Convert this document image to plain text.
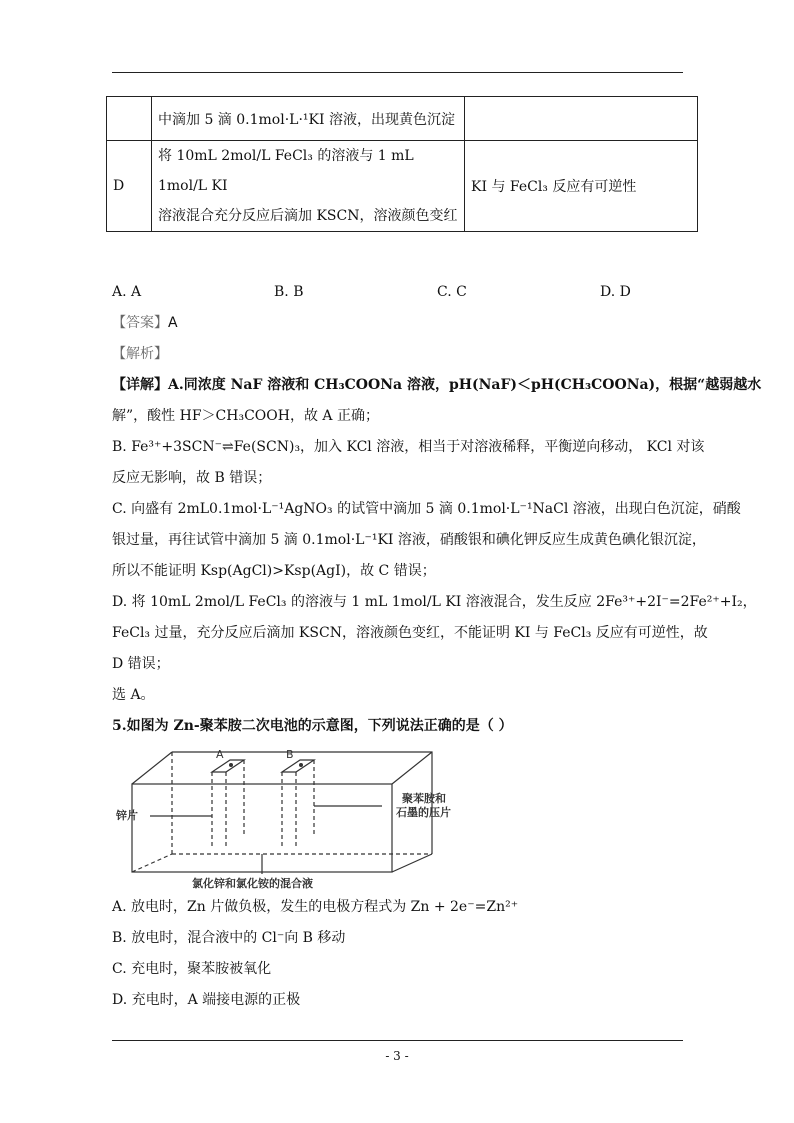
	中滴加 5 滴 0.1mol·L·¹KI 溶液，出现黄色沉淀	
D	将 10mL 2mol/L FeCl₃ 的溶液与 1 mL 1mol/L KI
溶液混合充分反应后滴加 KSCN，溶液颜色变红	KI 与 FeCl₃ 反应有可逆性
A. A	B. B	C. C	D. D
【答案】A
【解析】
【详解】A.同浓度 NaF 溶液和 CH₃COONa 溶液，pH(NaF)＜pH(CH₃COONa)，根据“越弱越水
解”，酸性 HF＞CH₃COOH，故 A 正确；
B. Fe³⁺+3SCN⁻⇌Fe(SCN)₃，加入 KCl 溶液，相当于对溶液稀释，平衡逆向移动， KCl 对该
反应无影响，故 B 错误；
C. 向盛有 2mL0.1mol·L⁻¹AgNO₃ 的试管中滴加 5 滴 0.1mol·L⁻¹NaCl 溶液，出现白色沉淀，硝酸
银过量，再往试管中滴加 5 滴 0.1mol·L⁻¹KI 溶液，硝酸银和碘化钾反应生成黄色碘化银沉淀，
所以不能证明 Ksp(AgCl)>Ksp(AgI)，故 C 错误；
D. 将 10mL 2mol/L FeCl₃ 的溶液与 1 mL 1mol/L KI 溶液混合，发生反应 2Fe³⁺+2I⁻=2Fe²⁺+I₂，
FeCl₃ 过量，充分反应后滴加 KSCN，溶液颜色变红，不能证明 KI 与 FeCl₃ 反应有可逆性，故
D 错误；
选 A。
5.如图为 Zn-聚苯胺二次电池的示意图，下列说法正确的是（ ）
A	B
锌片
聚苯胺和
石墨的压片
氯化锌和氯化铵的混合液
A. 放电时，Zn 片做负极，发生的电极方程式为 Zn + 2e⁻=Zn²⁺
B. 放电时，混合液中的 Cl⁻向 B 移动
C. 充电时，聚苯胺被氧化
D. 充电时，A 端接电源的正极
- 3 -
